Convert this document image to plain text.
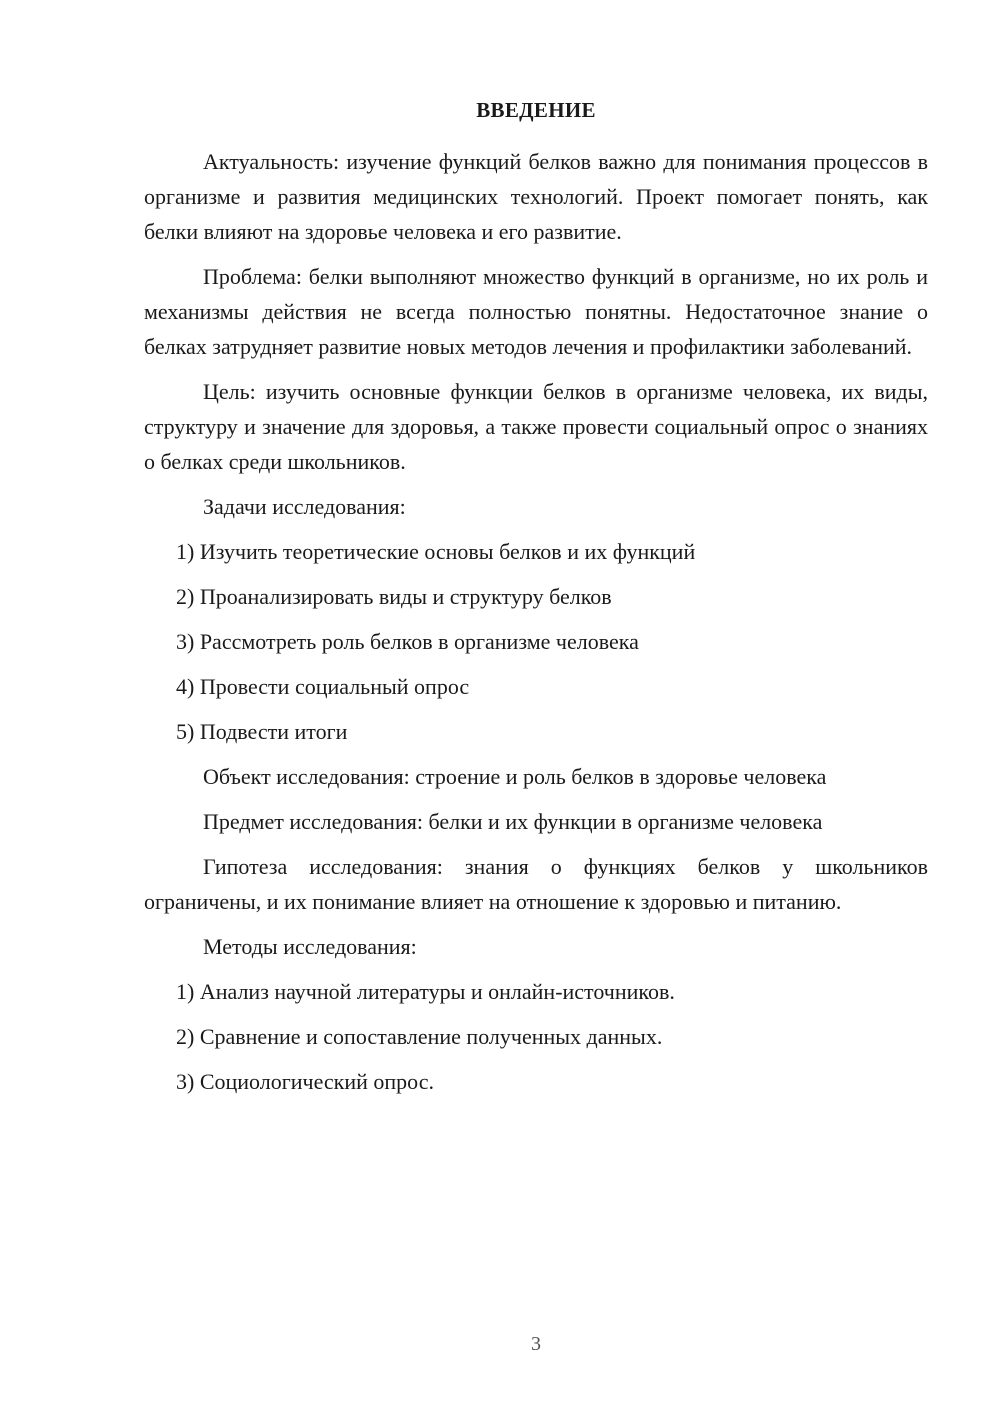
ВВЕДЕНИЕ

Актуальность: изучение функций белков важно для понимания процессов в организме и развития медицинских технологий. Проект помогает понять, как белки влияют на здоровье человека и его развитие.

Проблема: белки выполняют множество функций в организме, но их роль и механизмы действия не всегда полностью понятны. Недостаточное знание о белках затрудняет развитие новых методов лечения и профилактики заболеваний.

Цель: изучить основные функции белков в организме человека, их виды, структуру и значение для здоровья, а также провести социальный опрос о знаниях о белках среди школьников.

Задачи исследования:

1) Изучить теоретические основы белков и их функций

2) Проанализировать виды и структуру белков

3) Рассмотреть роль белков в организме человека

4) Провести социальный опрос

5) Подвести итоги

Объект исследования: строение и роль белков в здоровье человека

Предмет исследования: белки и их функции в организме человека

Гипотеза исследования: знания о функциях белков у школьников ограничены, и их понимание влияет на отношение к здоровью и питанию.

Методы исследования:

1) Анализ научной литературы и онлайн-источников.

2) Сравнение и сопоставление полученных данных.

3) Социологический опрос.

3
